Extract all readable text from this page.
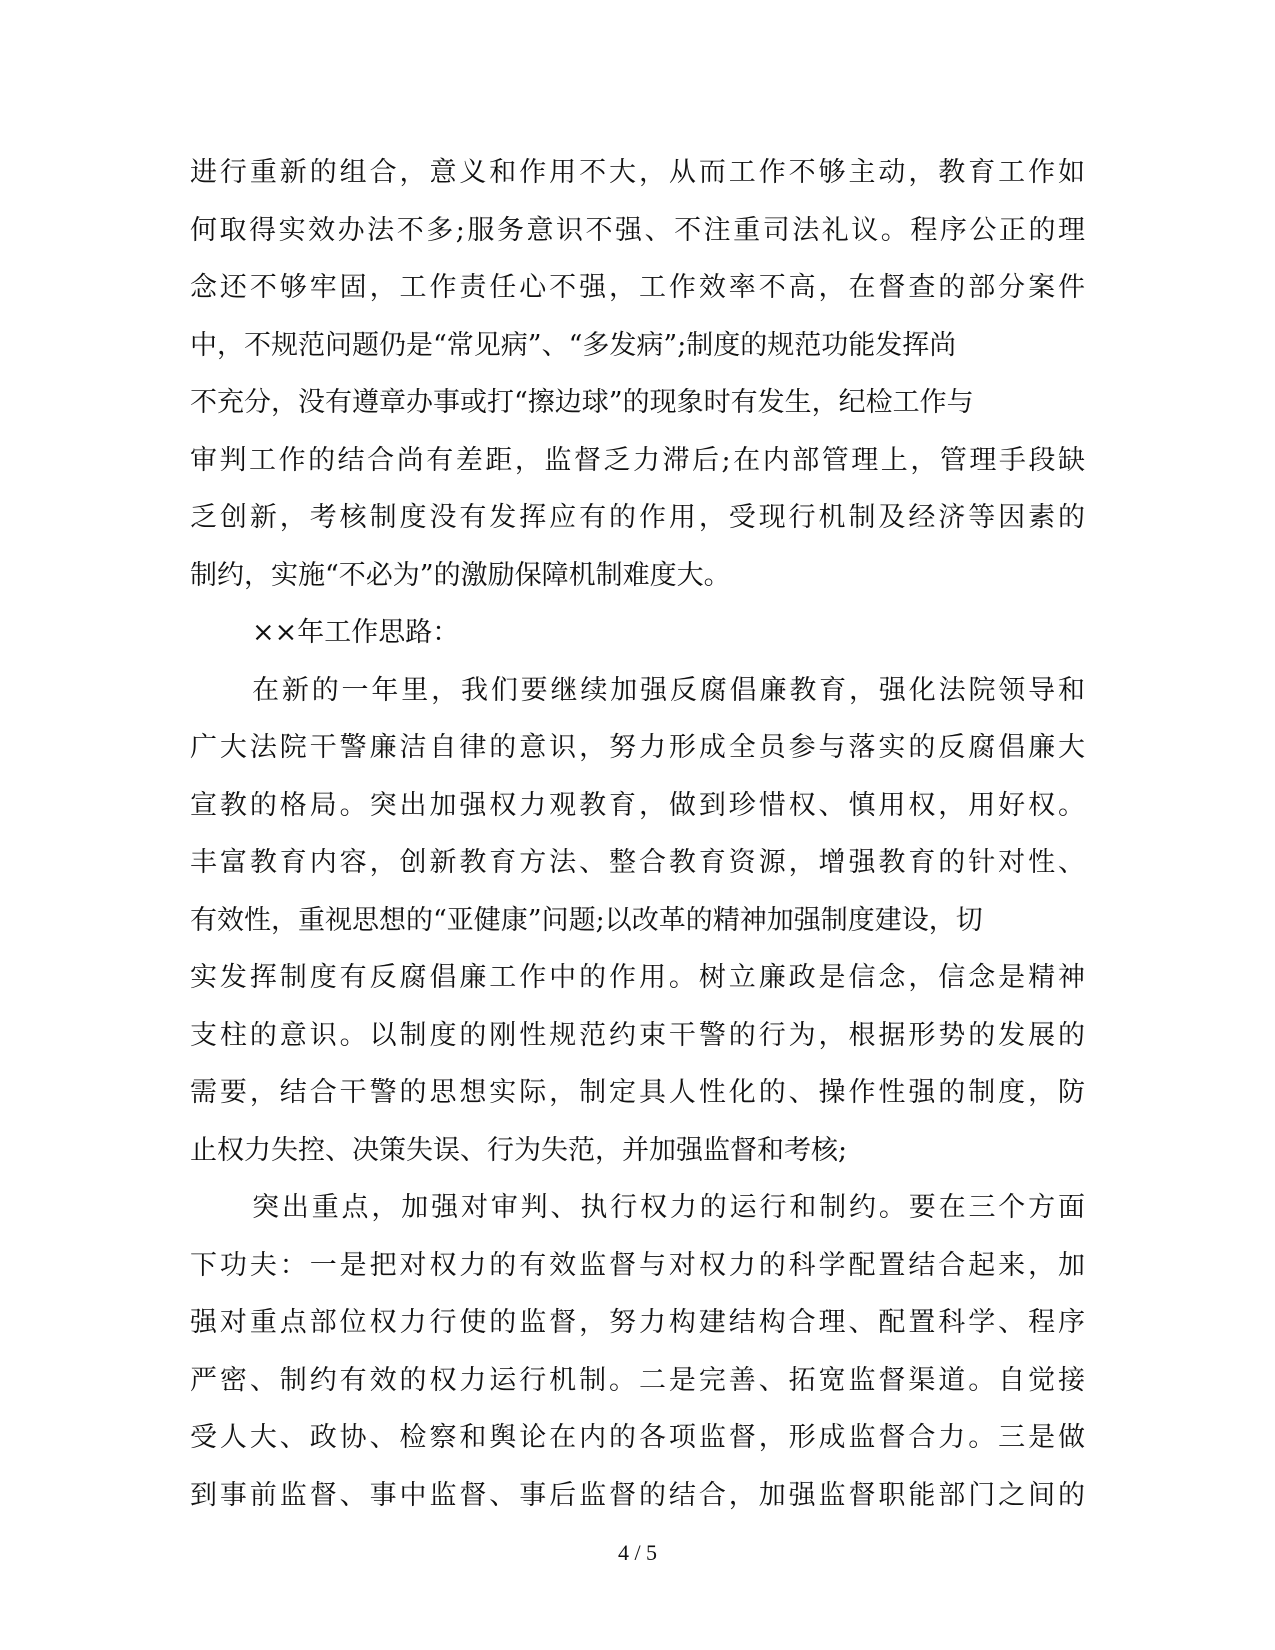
进行重新的组合，意义和作用不大，从而工作不够主动，教育工作如
何取得实效办法不多;服务意识不强、不注重司法礼议。程序公正的理
念还不够牢固，工作责任心不强，工作效率不高，在督查的部分案件
中，不规范问题仍是“常见病”、“多发病”;制度的规范功能发挥尚
不充分，没有遵章办事或打“擦边球”的现象时有发生，纪检工作与
审判工作的结合尚有差距，监督乏力滞后;在内部管理上，管理手段缺
乏创新，考核制度没有发挥应有的作用，受现行机制及经济等因素的
制约，实施“不必为”的激励保障机制难度大。
××年工作思路：
在新的一年里，我们要继续加强反腐倡廉教育，强化法院领导和
广大法院干警廉洁自律的意识，努力形成全员参与落实的反腐倡廉大
宣教的格局。突出加强权力观教育，做到珍惜权、慎用权，用好权。
丰富教育内容，创新教育方法、整合教育资源，增强教育的针对性、
有效性，重视思想的“亚健康”问题;以改革的精神加强制度建设，切
实发挥制度有反腐倡廉工作中的作用。树立廉政是信念，信念是精神
支柱的意识。以制度的刚性规范约束干警的行为，根据形势的发展的
需要，结合干警的思想实际，制定具人性化的、操作性强的制度，防
止权力失控、决策失误、行为失范，并加强监督和考核;
突出重点，加强对审判、执行权力的运行和制约。要在三个方面
下功夫：一是把对权力的有效监督与对权力的科学配置结合起来，加
强对重点部位权力行使的监督，努力构建结构合理、配置科学、程序
严密、制约有效的权力运行机制。二是完善、拓宽监督渠道。自觉接
受人大、政协、检察和舆论在内的各项监督，形成监督合力。三是做
到事前监督、事中监督、事后监督的结合，加强监督职能部门之间的
4 / 5
